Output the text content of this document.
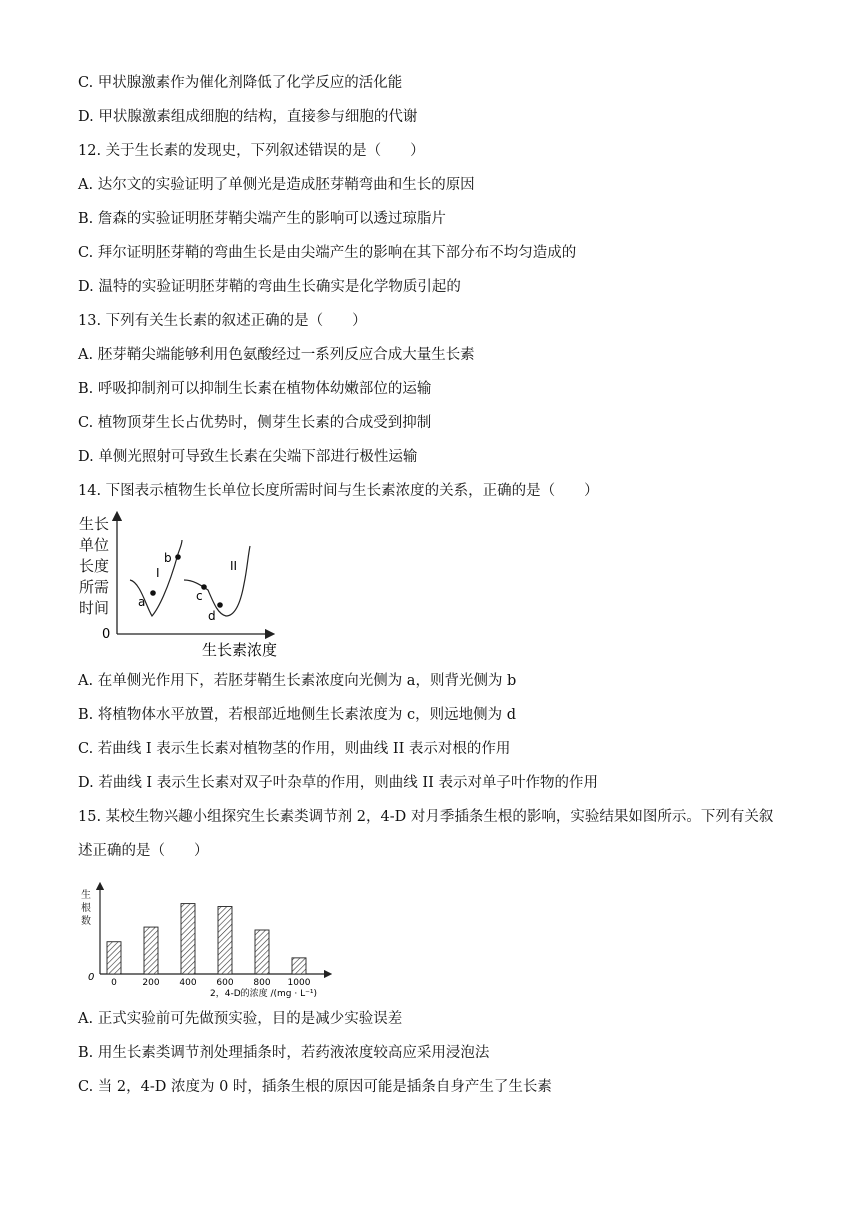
C. 甲状腺激素作为催化剂降低了化学反应的活化能
D. 甲状腺激素组成细胞的结构，直接参与细胞的代谢
12. 关于生长素的发现史，下列叙述错误的是（　　）
A. 达尔文的实验证明了单侧光是造成胚芽鞘弯曲和生长的原因
B. 詹森的实验证明胚芽鞘尖端产生的影响可以透过琼脂片
C. 拜尔证明胚芽鞘的弯曲生长是由尖端产生的影响在其下部分布不均匀造成的
D. 温特的实验证明胚芽鞘的弯曲生长确实是化学物质引起的
13. 下列有关生长素的叙述正确的是（　　）
A. 胚芽鞘尖端能够利用色氨酸经过一系列反应合成大量生长素
B. 呼吸抑制剂可以抑制生长素在植物体幼嫩部位的运输
C. 植物顶芽生长占优势时，侧芽生长素的合成受到抑制
D. 单侧光照射可导致生长素在尖端下部进行极性运输
14. 下图表示植物生长单位长度所需时间与生长素浓度的关系，正确的是（　　）
生长
单位
长度
所需
时间
0
生长素浓度
a
b
c
d
I	II
A. 在单侧光作用下，若胚芽鞘生长素浓度向光侧为 a，则背光侧为 b
B. 将植物体水平放置，若根部近地侧生长素浓度为 c，则远地侧为 d
C. 若曲线 I 表示生长素对植物茎的作用，则曲线 II 表示对根的作用
D. 若曲线 I 表示生长素对双子叶杂草的作用，则曲线 II 表示对单子叶作物的作用
15. 某校生物兴趣小组探究生长素类调节剂 2，4-D 对月季插条生根的影响，实验结果如图所示。下列有关叙述正确的是（　　）
生
根
数
0
2，4-D的浓度 /(mg · L⁻¹)
0	200 400 600 800 1000
A. 正式实验前可先做预实验，目的是减少实验误差
B. 用生长素类调节剂处理插条时，若药液浓度较高应采用浸泡法
C. 当 2，4-D 浓度为 0 时，插条生根的原因可能是插条自身产生了生长素
